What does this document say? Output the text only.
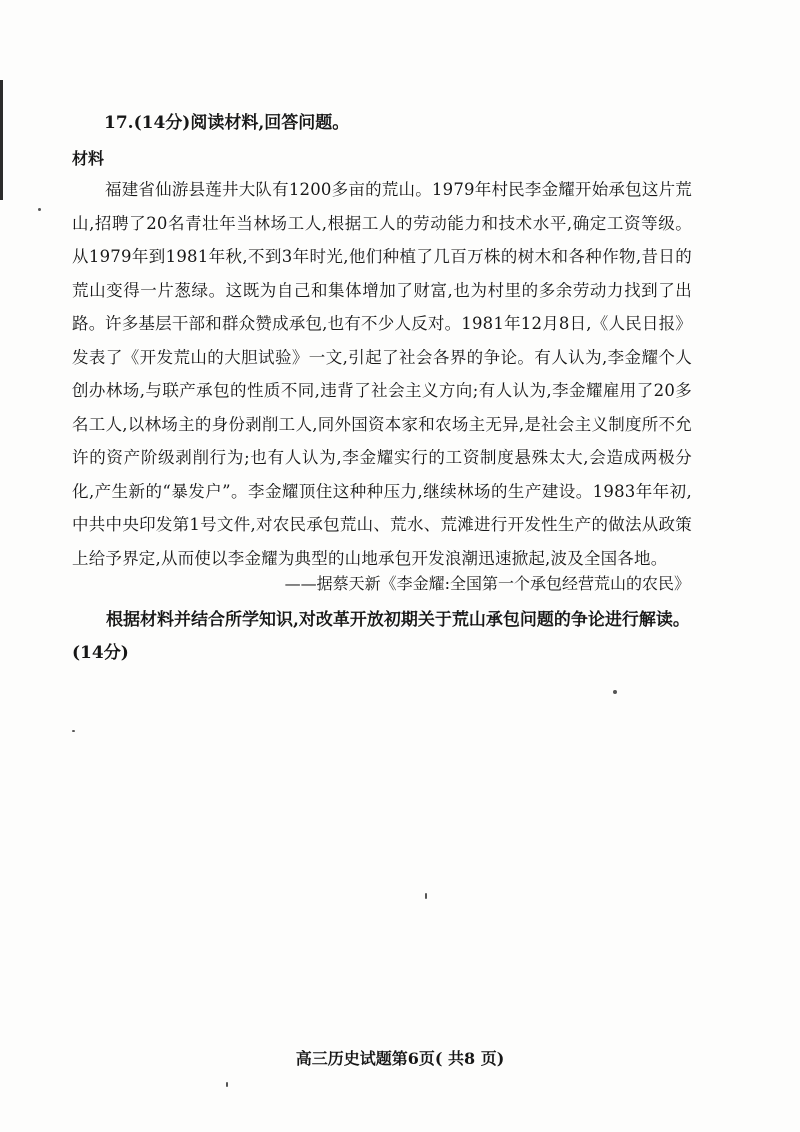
17.(14分)阅读材料,回答问题。
材料

福建省仙游县莲井大队有1200多亩的荒山。1979年村民李金耀开始承包这片荒山,招聘了20名青壮年当林场工人,根据工人的劳动能力和技术水平,确定工资等级。从1979年到1981年秋,不到3年时光,他们种植了几百万株的树木和各种作物,昔日的荒山变得一片葱绿。这既为自己和集体增加了财富,也为村里的多余劳动力找到了出路。 许多基层干部和群众赞成承包,也有不少人反对。1981年12月8日,《人民日报》发表了《开发荒山的大胆试验》一文,引起了社会各界的争论。有人认为,李金耀个人创办林场,与联产承包的性质不同,违背了社会主义方向;有人认为,李金耀雇用了20多名工人,以林场主的身份剥削工人,同外国资本家和农场主无异,是社会主义制度所不允许的资产阶级剥削行为;也有人认为,李金耀实行的工资制度悬殊太大,会造成两极分化,产生新的“暴发户”。李金耀顶住这种种压力,继续林场的生产建设。1983年年初,中共中央印发第1号文件,对农民承包荒山、荒水、荒滩进行开发性生产的做法从政策上给予界定,从而使以李金耀为典型的山地承包开发浪潮迅速掀起,波及全国各地。

——据蔡天新《李金耀:全国第一个承包经营荒山的农民》
根据材料并结合所学知识,对改革开放初期关于荒山承包问题的争论进行解读。
(14分)
高三历史试题第6页( 共8 页)
